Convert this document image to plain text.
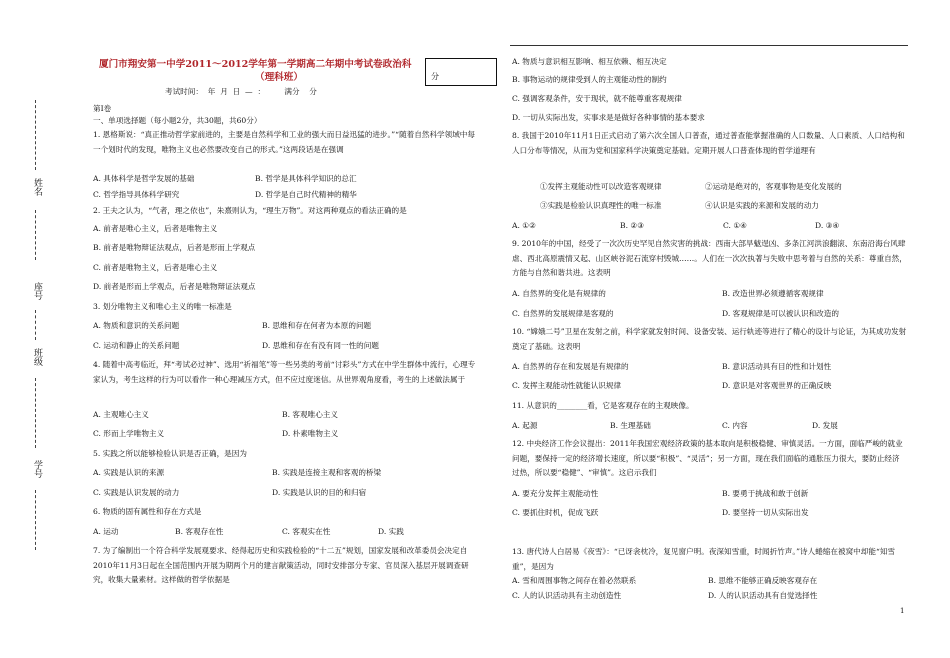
姓名
座号
班级
学号
厦门市翔安第一中学2011～2012学年第一学期高二年期中考试卷政治科
（理科班）	分
考试时间：  年  月  日  —  ：        满分    分
第Ⅰ卷
一、单项选择题（每小题2分，共30题，共60分）
1. 恩格斯说：“真正推动哲学家前进的，主要是自然科学和工业的强大而日益迅猛的进步。”“随着自然科学领域中每一个划时代的发现，唯物主义也必然要改变自己的形式。”这两段话是在强调
A. 具体科学是哲学发展的基础	B. 哲学是具体科学知识的总汇
C. 哲学指导具体科学研究	D. 哲学是自己时代精神的精华
2. 王夫之认为，“气者，理之依也”，朱熹则认为，“理生万物”。对这两种观点的看法正确的是
A. 前者是唯心主义，后者是唯物主义
B. 前者是唯物辩证法观点，后者是形而上学观点
C. 前者是唯物主义，后者是唯心主义
D. 前者是形而上学观点，后者是唯物辩证法观点
3. 划分唯物主义和唯心主义的唯一标准是
A. 物质和意识的关系问题	B. 思维和存在何者为本原的问题
C. 运动和静止的关系问题	D. 思维和存在有没有同一性的问题
4. 随着中高考临近，拜“考试必过神”、选用“祈福笔”等一些另类的考前“讨彩头”方式在中学生群体中流行，心理专家认为，考生这样的行为可以看作一种心理减压方式，但不应过度迷信。从世界观角度看，考生的上述做法属于
A. 主观唯心主义	B. 客观唯心主义
C. 形而上学唯物主义	D. 朴素唯物主义
5. 实践之所以能够检验认识是否正确，是因为
A. 实践是认识的来源	B. 实践是连接主观和客观的桥梁
C. 实践是认识发展的动力	D. 实践是认识的目的和归宿
6. 物质的固有属性和存在方式是
A. 运动	B. 客观存在性	C. 客观实在性	D. 实践
7. 为了编制出一个符合科学发展观要求、经得起历史和实践检验的“十二五”规划，国家发展和改革委员会决定自2010年11月3日起在全国范围内开展为期两个月的建言献策活动，同时安排部分专家、官员深入基层开展调查研究，收集大量素材。这样做的哲学依据是
A. 物质与意识相互影响、相互依赖、相互决定
B. 事物运动的规律受到人的主观能动性的制约
C. 强调客观条件，安于现状，就不能尊重客观规律
D. 一切从实际出发，实事求是是做好各种事情的基本要求
8. 我国于2010年11月1日正式启动了第六次全国人口普查，通过普查能掌握准确的人口数量、人口素质、人口结构和人口分布等情况，从而为党和国家科学决策奠定基础。定期开展人口普查体现的哲学道理有
①发挥主观能动性可以改造客观规律	②运动是绝对的，客观事物是变化发展的
③实践是检验认识真理性的唯一标准	④认识是实践的来源和发展的动力
A. ①②	B. ②③	C. ①④	D. ③④
9. 2010年的中国，经受了一次次历史罕见自然灾害的挑战：西南大部旱魃逞凶、多条江河洪浪翻滚、东南沿海台风肆虐、西北高原震情又起、山区峡谷泥石流穿村毁城……。人们在一次次执著与失败中思考着与自然的关系：尊重自然，方能与自然和谐共进。这表明
A. 自然界的变化是有规律的	B. 改造世界必须遵循客观规律
C. 自然界的发展规律是客观的	D. 客观规律是可以被认识和改造的
10. “嫦娥二号”卫星在发射之前，科学家就发射时间、设备安装、运行轨迹等进行了精心的设计与论证，为其成功发射奠定了基础。这表明
A. 自然界的存在和发展是有规律的	B. 意识活动具有目的性和计划性
C. 发挥主观能动性就能认识规律	D. 意识是对客观世界的正确反映
11. 从意识的________看，它是客观存在的主观映像。
A. 起源	B. 生理基础	C. 内容	D. 发展
12. 中央经济工作会议提出：2011年我国宏观经济政策的基本取向是积极稳健、审慎灵活。一方面，面临严峻的就业问题，要保持一定的经济增长速度，所以要“积极”、“灵活”；另一方面，现在我们面临的通胀压力很大，要防止经济过热，所以要“稳健”、“审慎”。这启示我们
A. 要充分发挥主观能动性	B. 要勇于挑战和敢于创新
C. 要抓住时机，促成飞跃	D. 要坚持一切从实际出发
13. 唐代诗人白居易《夜雪》：“已讶衾枕冷，复见窗户明。夜深知雪重，时闻折竹声。”诗人蜷缩在被窝中却能“知雪重”，是因为
A. 雪和周围事物之间存在着必然联系	B. 思维不能够正确反映客观存在
C. 人的认识活动具有主动创造性	D. 人的认识活动具有自觉选择性
1
